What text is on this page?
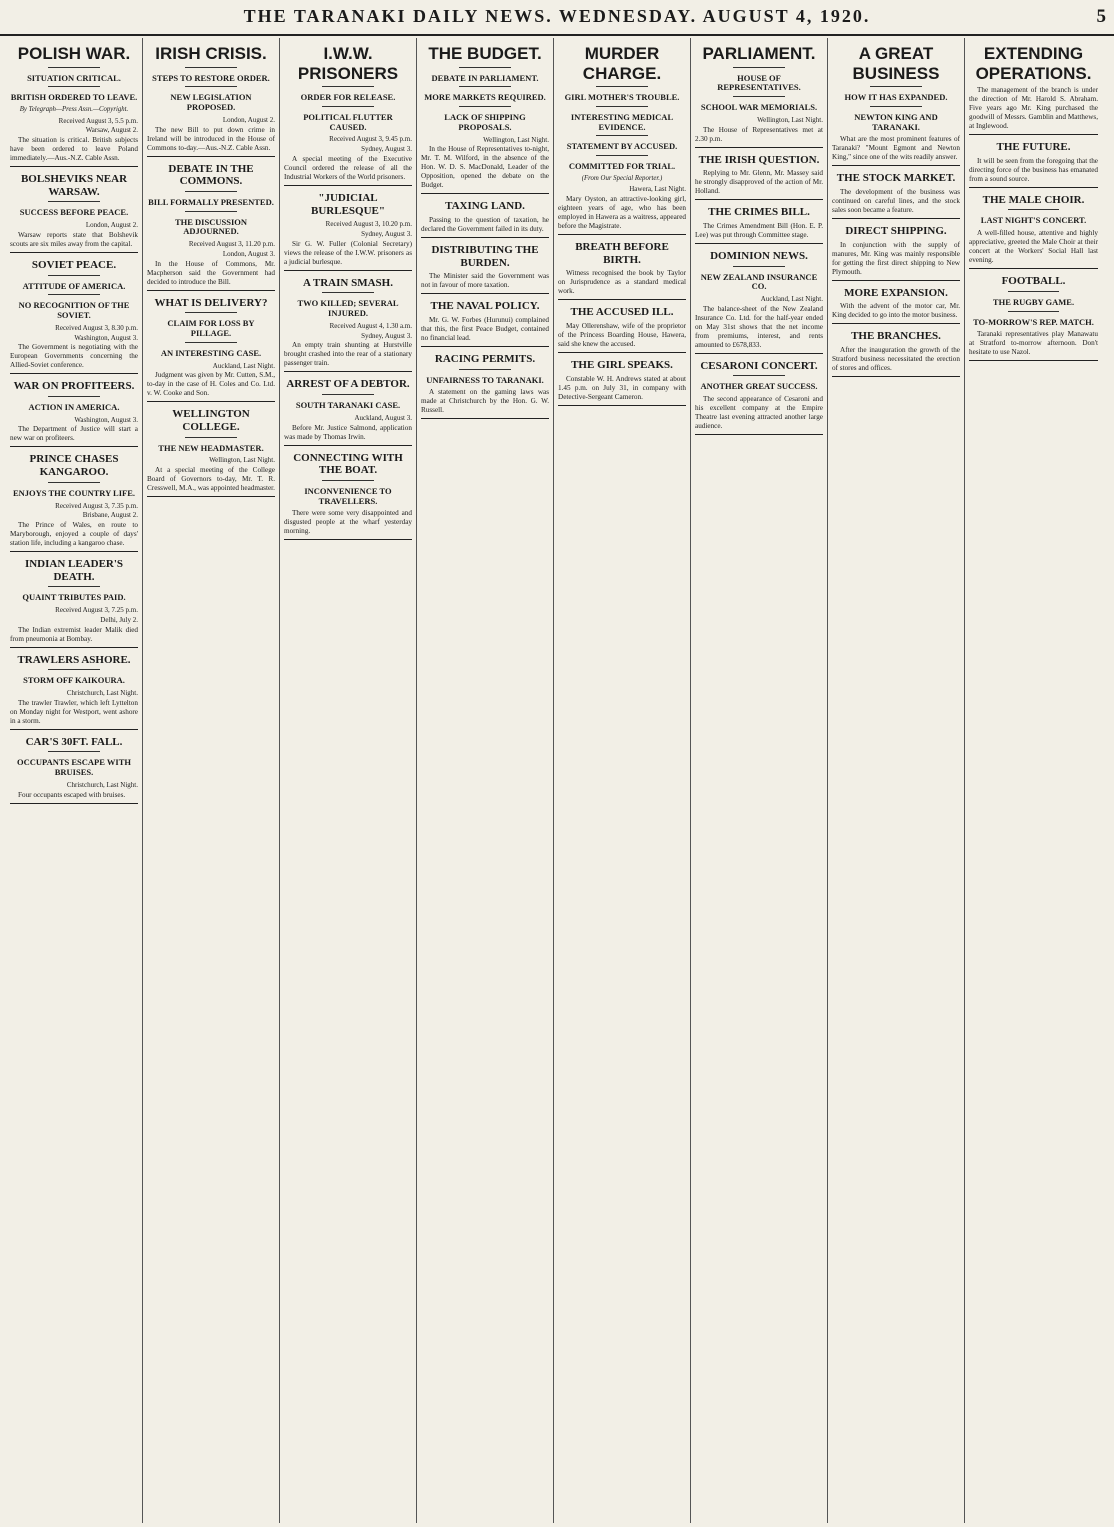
THE TARANAKI DAILY NEWS. WEDNESDAY. AUGUST 4, 1920.	5
POLISH WAR.
SITUATION CRITICAL.
BRITISH ORDERED TO LEAVE.
By Telegraph—Press Assn.—Copyright.
Received August 3, 5.5 p.m.
Warsaw, August 2.

The situation is critical. British subjects have been ordered to leave Poland immediately.—Aus.-N.Z. Cable Assn.

BOLSHEVIKS NEAR WARSAW.
SUCCESS BEFORE PEACE.
London, August 2.

Warsaw reports state that Bolshevik scouts are six miles away from the capital.

SOVIET PEACE.
ATTITUDE OF AMERICA.
NO RECOGNITION OF THE SOVIET.
Received August 3, 8.30 p.m.
Washington, August 3.

The Government is negotiating with the European Governments concerning the Allied-Soviet conference.

WAR ON PROFITEERS.
ACTION IN AMERICA.
Washington, August 3.

The Department of Justice will start a new war on profiteers.

PRINCE CHASES KANGAROO.
ENJOYS THE COUNTRY LIFE.
Received August 3, 7.35 p.m.
Brisbane, August 2.

The Prince of Wales, en route to Maryborough, enjoyed a couple of days' station life, including a kangaroo chase.

INDIAN LEADER'S DEATH.
QUAINT TRIBUTES PAID.
Received August 3, 7.25 p.m.
Delhi, July 2.

The Indian extremist leader Malik died from pneumonia at Bombay.

TRAWLERS ASHORE.
STORM OFF KAIKOURA.
Christchurch, Last Night.

The trawler Trawler, which left Lyttelton on Monday night for Westport, went ashore in a storm.

CAR'S 30FT. FALL.
OCCUPANTS ESCAPE WITH BRUISES.
Christchurch, Last Night.

Four occupants escaped with bruises.

IRISH CRISIS.
STEPS TO RESTORE ORDER.
NEW LEGISLATION PROPOSED.
London, August 2.

The new Bill to put down crime in Ireland will be introduced in the House of Commons to-day.—Aus.-N.Z. Cable Assn.

DEBATE IN THE COMMONS.
BILL FORMALLY PRESENTED.
THE DISCUSSION ADJOURNED.
Received August 3, 11.20 p.m.
London, August 3.

In the House of Commons, Mr. Macpherson said the Government had decided to introduce the Bill.

WHAT IS DELIVERY?
CLAIM FOR LOSS BY PILLAGE.
AN INTERESTING CASE.
Auckland, Last Night.

Judgment was given by Mr. Cutten, S.M., to-day in the case of H. Coles and Co. Ltd. v. W. Cooke and Son.

WELLINGTON COLLEGE.
THE NEW HEADMASTER.
Wellington, Last Night.

At a special meeting of the College Board of Governors to-day, Mr. T. R. Cresswell, M.A., was appointed headmaster.

I.W.W. PRISONERS
ORDER FOR RELEASE.
POLITICAL FLUTTER CAUSED.
Received August 3, 9.45 p.m.
Sydney, August 3.

A special meeting of the Executive Council ordered the release of all the Industrial Workers of the World prisoners.

"JUDICIAL BURLESQUE"
Received August 3, 10.20 p.m.
Sydney, August 3.

Sir G. W. Fuller (Colonial Secretary) views the release of the I.W.W. prisoners as a judicial burlesque.

A TRAIN SMASH.
TWO KILLED; SEVERAL INJURED.
Received August 4, 1.30 a.m.
Sydney, August 3.

An empty train shunting at Hurstville brought crashed into the rear of a stationary passenger train.

ARREST OF A DEBTOR.
SOUTH TARANAKI CASE.
Auckland, August 3.

Before Mr. Justice Salmond, application was made by Thomas Irwin.

CONNECTING WITH THE BOAT.
INCONVENIENCE TO TRAVELLERS.

There were some very disappointed and disgusted people at the wharf yesterday morning.

THE BUDGET.
DEBATE IN PARLIAMENT.
MORE MARKETS REQUIRED.
LACK OF SHIPPING PROPOSALS.
Wellington, Last Night.

In the House of Representatives to-night, Mr. T. M. Wilford, in the absence of the Hon. W. D. S. MacDonald, Leader of the Opposition, opened the debate on the Budget.

TAXING LAND.

Passing to the question of taxation, he declared the Government failed in its duty.

DISTRIBUTING THE BURDEN.

The Minister said the Government was not in favour of more taxation.

THE NAVAL POLICY.

Mr. G. W. Forbes (Hurunui) complained that this, the first Peace Budget, contained no financial lead.

RACING PERMITS.
UNFAIRNESS TO TARANAKI.

A statement on the gaming laws was made at Christchurch by the Hon. G. W. Russell.

MURDER CHARGE.
GIRL MOTHER'S TROUBLE.
INTERESTING MEDICAL EVIDENCE.
STATEMENT BY ACCUSED.
COMMITTED FOR TRIAL.
(From Our Special Reporter.)
Hawera, Last Night.

Mary Oyston, an attractive-looking girl, eighteen years of age, who has been employed in Hawera as a waitress, appeared before the Magistrate.

BREATH BEFORE BIRTH.

Witness recognised the book by Taylor on Jurisprudence as a standard medical work.

THE ACCUSED ILL.

May Ollerenshaw, wife of the proprietor of the Princess Boarding House, Hawera, said she knew the accused.

THE GIRL SPEAKS.

Constable W. H. Andrews stated at about 1.45 p.m. on July 31, in company with Detective-Sergeant Cameron.

PARLIAMENT.
HOUSE OF REPRESENTATIVES.
SCHOOL WAR MEMORIALS.
Wellington, Last Night.

The House of Representatives met at 2.30 p.m.

THE IRISH QUESTION.

Replying to Mr. Glenn, Mr. Massey said he strongly disapproved of the action of Mr. Holland.

THE CRIMES BILL.

The Crimes Amendment Bill (Hon. E. P. Lee) was put through Committee stage.

DOMINION NEWS.
NEW ZEALAND INSURANCE CO.
Auckland, Last Night.

The balance-sheet of the New Zealand Insurance Co. Ltd. for the half-year ended on May 31st shows that the net income from premiums, interest, and rents amounted to £678,833.

CESARONI CONCERT.
ANOTHER GREAT SUCCESS.

The second appearance of Cesaroni and his excellent company at the Empire Theatre last evening attracted another large audience.

A GREAT BUSINESS
HOW IT HAS EXPANDED.
NEWTON KING AND TARANAKI.

What are the most prominent features of Taranaki? "Mount Egmont and Newton King," since one of the wits readily answer.

THE STOCK MARKET.

The development of the business was continued on careful lines, and the stock sales soon became a feature.

DIRECT SHIPPING.

In conjunction with the supply of manures, Mr. King was mainly responsible for getting the first direct shipping to New Plymouth.

MORE EXPANSION.

With the advent of the motor car, Mr. King decided to go into the motor business.

THE BRANCHES.

After the inauguration the growth of the Stratford business necessitated the erection of stores and offices.

EXTENDING OPERATIONS.

The management of the branch is under the direction of Mr. Harold S. Abraham. Five years ago Mr. King purchased the goodwill of Messrs. Gamblin and Matthews, at Inglewood.

THE FUTURE.

It will be seen from the foregoing that the directing force of the business has emanated from a sound source.

THE MALE CHOIR.
LAST NIGHT'S CONCERT.

A well-filled house, attentive and highly appreciative, greeted the Male Choir at their concert at the Workers' Social Hall last evening.

FOOTBALL.
THE RUGBY GAME.
TO-MORROW'S REP. MATCH.

Taranaki representatives play Manawatu at Stratford to-morrow afternoon. Don't hesitate to use Nazol.
